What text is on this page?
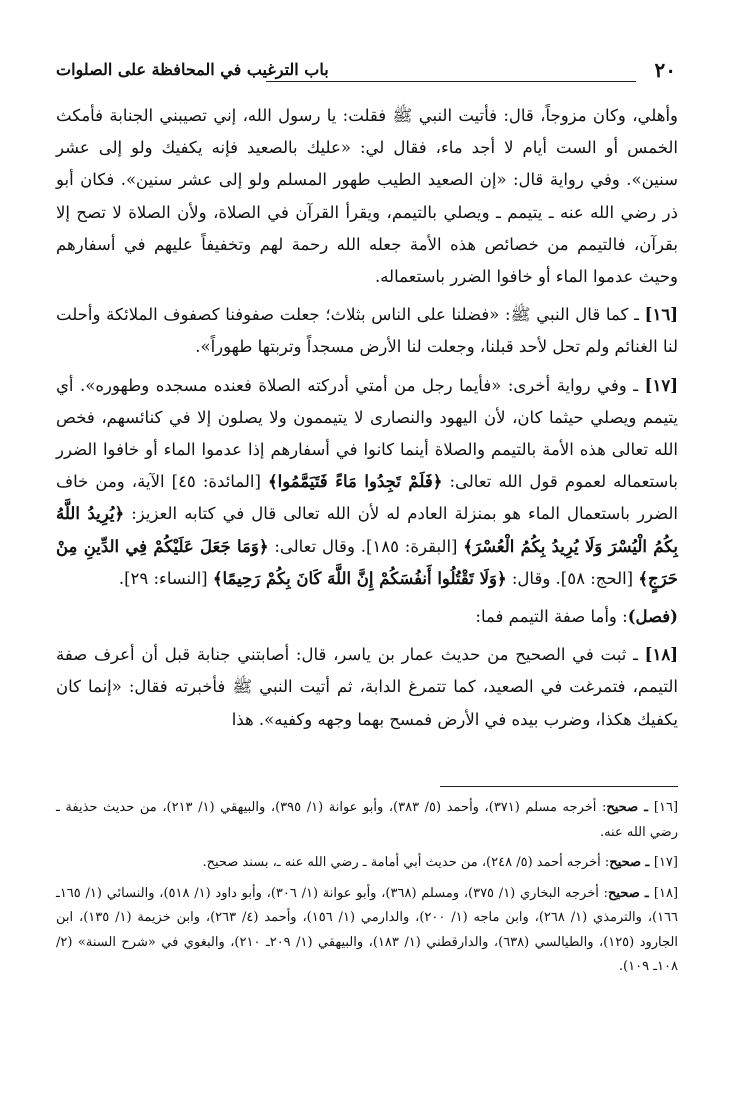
٢٠
باب الترغيب في المحافظة على الصلوات

وأهلي، وكان مزوجاً، قال: فأتيت النبي ﷺ فقلت: يا رسول الله، إني تصيبني الجنابة فأمكث الخمس أو الست أيام لا أجد ماء، فقال لي: «عليك بالصعيد فإنه يكفيك ولو إلى عشر سنين». وفي رواية قال: «إن الصعيد الطيب طهور المسلم ولو إلى عشر سنين». فكان أبو ذر رضي الله عنه ـ يتيمم ـ ويصلي بالتيمم، ويقرأ القرآن في الصلاة، ولأن الصلاة لا تصح إلا بقرآن، فالتيمم من خصائص هذه الأمة جعله الله رحمة لهم وتخفيفاً عليهم في أسفارهم وحيث عدموا الماء أو خافوا الضرر باستعماله.

[١٦] ـ كما قال النبي ﷺ: «فضلنا على الناس بثلاث؛ جعلت صفوفنا كصفوف الملائكة وأحلت لنا الغنائم ولم تحل لأحد قبلنا، وجعلت لنا الأرض مسجداً وتربتها طهوراً».

[١٧] ـ وفي رواية أخرى: «فأيما رجل من أمتي أدركته الصلاة فعنده مسجده وطهوره». أي يتيمم ويصلي حيثما كان، لأن اليهود والنصارى لا يتيممون ولا يصلون إلا في كنائسهم، فخص الله تعالى هذه الأمة بالتيمم والصلاة أينما كانوا في أسفارهم إذا عدموا الماء أو خافوا الضرر باستعماله لعموم قول الله تعالى: ﴿فَلَمْ تَجِدُوا مَاءً فَتَيَمَّمُوا﴾ [المائدة: ٤٥] الآية، ومن خاف الضرر باستعمال الماء هو بمنزلة العادم له لأن الله تعالى قال في كتابه العزيز: ﴿يُرِيدُ اللَّهُ بِكُمُ الْيُسْرَ وَلَا يُرِيدُ بِكُمُ الْعُسْرَ﴾ [البقرة: ١٨٥]. وقال تعالى: ﴿وَمَا جَعَلَ عَلَيْكُمْ فِي الدِّينِ مِنْ حَرَجٍ﴾ [الحج: ٥٨]. وقال: ﴿وَلَا تَقْتُلُوا أَنفُسَكُمْ إِنَّ اللَّهَ كَانَ بِكُمْ رَحِيمًا﴾ [النساء: ٢٩].

(فصل): وأما صفة التيمم فما:

[١٨] ـ ثبت في الصحيح من حديث عمار بن ياسر، قال: أصابتني جنابة قبل أن أعرف صفة التيمم، فتمرغت في الصعيد، كما تتمرغ الدابة، ثم أتيت النبي ﷺ فأخبرته فقال: «إنما كان يكفيك هكذا، وضرب بيده في الأرض فمسح بهما وجهه وكفيه». هذا

[١٦] ـ صحيح: أخرجه مسلم (٣٧١)، وأحمد (٥/ ٣٨٣)، وأبو عوانة (١/ ٣٩٥)، والبيهقي (١/ ٢١٣)، من حديث حذيفة ـ رضي الله عنه.

[١٧] ـ صحيح: أخرجه أحمد (٥/ ٢٤٨)، من حديث أبي أمامة ـ رضي الله عنه ـ، بسند صحيح.

[١٨] ـ صحيح: أخرجه البخاري (١/ ٣٧٥)، ومسلم (٣٦٨)، وأبو عوانة (١/ ٣٠٦)، وأبو داود (١/ ٥١٨)، والنسائي (١/ ١٦٥ـ ١٦٦)، والترمذي (١/ ٢٦٨)، وابن ماجه (١/ ٢٠٠)، والدارمي (١/ ١٥٦)، وأحمد (٤/ ٢٦٣)، وابن خزيمة (١/ ١٣٥)، ابن الجارود (١٢٥)، والطيالسي (٦٣٨)، والدارقطني (١/ ١٨٣)، والبيهقي (١/ ٢٠٩ـ ٢١٠)، والبغوي في «شرح السنة» (٢/ ١٠٨ـ ١٠٩).
